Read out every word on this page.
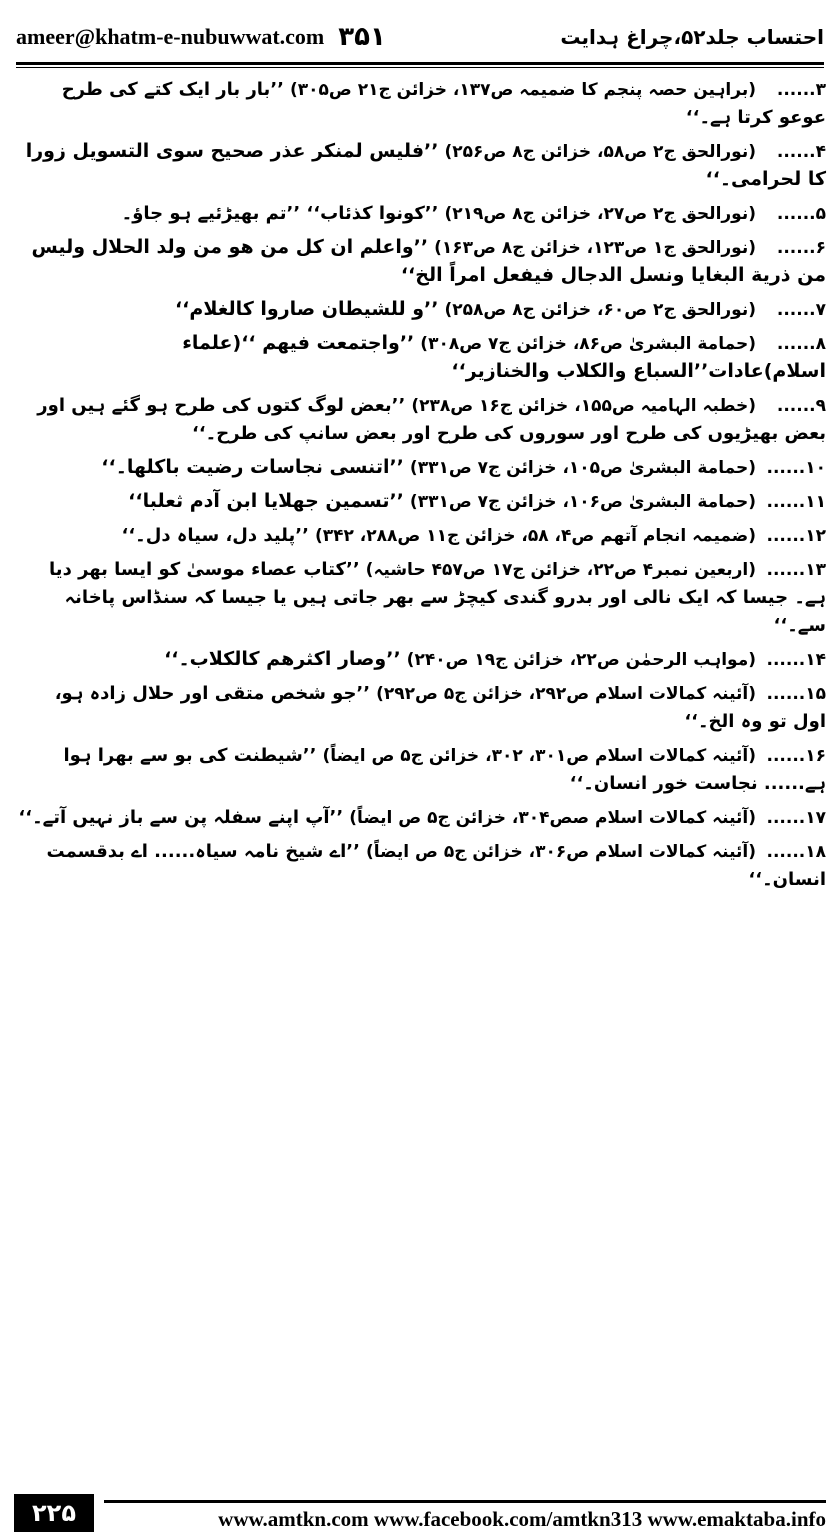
ameer@khatm-e-nubuwwat.com ۳۵۱	احتساب جلد۵۲،چراغ ہدایت

۳......(براہین حصہ پنجم کا ضمیمہ ص۱۳۷، خزائن ج۲۱ ص۳۰۵)’’بار بار ایک کتے کی طرح عوعو کرتا ہے۔‘‘

۴......(نورالحق ج۲ ص۵۸، خزائن ج۸ ص۲۵۶)’’فلیس لمنکر عذر صحیح سوی التسویل زورا کا لحرامی۔‘‘

۵......(نورالحق ج۲ ص۲۷، خزائن ج۸ ص۲۱۹)’’کونوا کذئاب‘‘ ’’تم بھیڑئیے ہو جاؤ۔

۶......(نورالحق ج۱ ص۱۲۳، خزائن ج۸ ص۱۶۳)’’واعلم ان کل من ھو من ولد الحلال ولیس من ذریة البغایا ونسل الدجال فیفعل امراً الخ‘‘

۷......(نورالحق ج۲ ص۶۰، خزائن ج۸ ص۲۵۸)’’و للشیطان صاروا کالغلام‘‘

۸......(حمامة البشریٰ ص۸۶، خزائن ج۷ ص۳۰۸)’’واجتمعت فیھم ‘‘(علماء اسلام)عادات’’السباع والکلاب والخنازیر‘‘

۹......(خطبہ الہامیہ ص۱۵۵، خزائن ج۱۶ ص۲۳۸)’’بعض لوگ کتوں کی طرح ہو گئے ہیں اور بعض بھیڑیوں کی طرح اور سوروں کی طرح اور بعض سانپ کی طرح۔‘‘

۱۰......(حمامة البشریٰ ص۱۰۵، خزائن ج۷ ص۳۳۱)’’اتنسی نجاسات رضیت باکلها۔‘‘

۱۱......(حمامة البشریٰ ص۱۰۶، خزائن ج۷ ص۳۳۱)’’تسمین جهلایا ابن آدم ثعلبا‘‘

۱۲......(ضمیمہ انجام آتھم ص۴، ۵۸، خزائن ج۱۱ ص۲۸۸، ۳۴۲)’’پلید دل، سیاہ دل۔‘‘

۱۳......(اربعین نمبر۴ ص۲۲، خزائن ج۱۷ ص۴۵۷ حاشیہ)’’کتاب عصاء موسیٰ کو ایسا بھر دیا ہے۔ جیسا کہ ایک نالی اور بدرو گندی کیچڑ سے بھر جاتی ہیں یا جیسا کہ سنڈاس پاخانہ سے۔‘‘

۱۴......(مواہب الرحمٰن ص۲۲، خزائن ج۱۹ ص۲۴۰)’’وصار اکثرھم کالکلاب۔‘‘

۱۵......(آئینہ کمالات اسلام ص۲۹۲، خزائن ج۵ ص۲۹۲)’’جو شخص متقی اور حلال زادہ ہو، اول تو وہ الخ۔‘‘

۱۶......(آئینہ کمالات اسلام ص۳۰۱، ۳۰۲، خزائن ج۵ ص ایضاً)’’شیطنت کی بو سے بھرا ہوا ہے...... نجاست خور انسان۔‘‘

۱۷......(آئینہ کمالات اسلام صص۳۰۴، خزائن ج۵ ص ایضاً)’’آپ اپنے سفلہ پن سے باز نہیں آتے۔‘‘

۱۸......(آئینہ کمالات اسلام ص۳۰۶، خزائن ج۵ ص ایضاً)’’اے شیخ نامہ سیاہ...... اے بدقسمت انسان۔‘‘

۲۲۵	www.amtkn.com www.facebook.com/amtkn313 www.emaktaba.info
